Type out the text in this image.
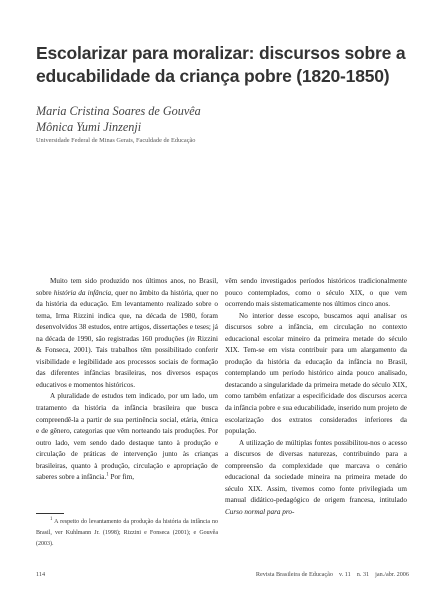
Escolarizar para moralizar: discursos sobre a educabilidade da criança pobre (1820-1850)
Maria Cristina Soares de Gouvêa
Mônica Yumi Jinzenji
Universidade Federal de Minas Gerais, Faculdade de Educação

Muito tem sido produzido nos últimos anos, no Brasil, sobre história da infância, quer no âmbito da história, quer no da história da educação. Em levantamento realizado sobre o tema, Irma Rizzini indica que, na década de 1980, foram desenvolvidos 38 estudos, entre artigos, dissertações e teses; já na década de 1990, são registradas 160 produções (in Rizzini & Fonseca, 2001). Tais trabalhos têm possibilitado conferir visibilidade e legibilidade aos processos sociais de formação das diferentes infâncias brasileiras, nos diversos espaços educativos e momentos históricos.

A pluralidade de estudos tem indicado, por um lado, um tratamento da história da infância brasileira que busca compreendê-la a partir de sua pertinência social, etária, étnica e de gênero, categorias que vêm norteando tais produções. Por outro lado, vem sendo dado destaque tanto à produção e circulação de práticas de intervenção junto às crianças brasileiras, quanto à produção, circulação e apropriação de saberes sobre a infância.$^1$ Por fim,

vêm sendo investigados períodos históricos tradicionalmente pouco contemplados, como o século XIX, o que vem ocorrendo mais sistematicamente nos últimos cinco anos.

No interior desse escopo, buscamos aqui analisar os discursos sobre a infância, em circulação no contexto educacional escolar mineiro da primeira metade do século XIX. Tem-se em vista contribuir para um alargamento da produção da história da educação da infância no Brasil, contemplando um período histórico ainda pouco analisado, destacando a singularidade da primeira metade do século XIX, como também enfatizar a especificidade dos discursos acerca da infância pobre e sua educabilidade, inserido num projeto de escolarização dos extratos considerados inferiores da população.

A utilização de múltiplas fontes possibilitou-nos o acesso a discursos de diversas naturezas, contribuindo para a compreensão da complexidade que marcava o cenário educacional da sociedade mineira na primeira metade do século XIX. Assim, tivemos como fonte privilegiada um manual didático-pedagógico de origem francesa, intitulado Curso normal para pro-

$^1$ A respeito do levantamento da produção da história da infância no Brasil, ver Kuhlmann Jr. (1998); Rizzini e Fonseca (2001); e Gouvêa (2003).

114	Revista Brasileira de Educação v. 11 n. 31 jan./abr. 2006
